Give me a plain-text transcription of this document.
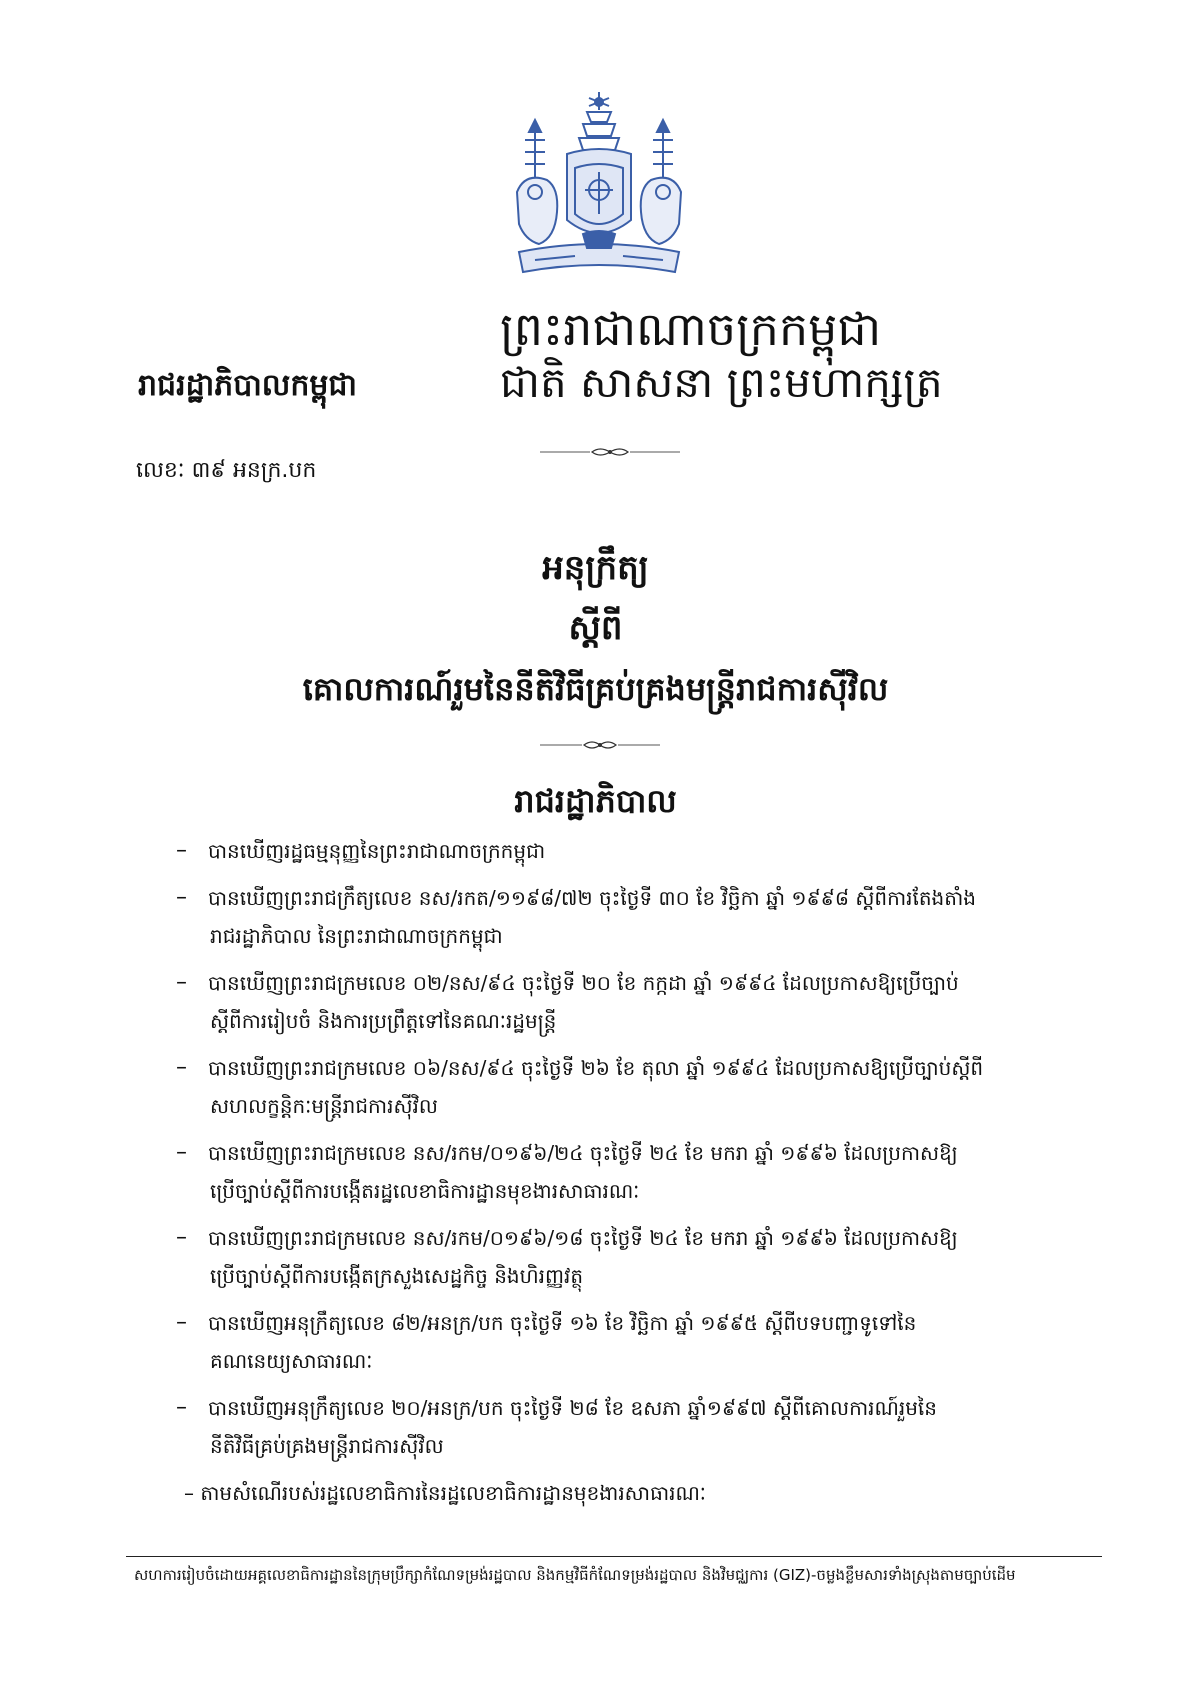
ព្រះរាជាណាចក្រកម្ពុជា
រាជរដ្ឋាភិបាលកម្ពុជា	ជាតិ សាសនា ព្រះមហាក្សត្រ
លេខៈ ៣៩ អនក្រ.បក
អនុក្រឹត្យ
ស្ដីពី
គោលការណ៍រួមនៃនីតិវិធីគ្រប់គ្រងមន្ត្រីរាជការស៊ីវិល
រាជរដ្ឋាភិបាល
– បានឃើញរដ្ឋធម្មនុញ្ញនៃព្រះរាជាណាចក្រកម្ពុជា
– បានឃើញព្រះរាជក្រឹត្យលេខ នស/រកត/១១៩៨/៧២ ចុះថ្ងៃទី ៣០ ខែ វិច្ឆិកា ឆ្នាំ ១៩៩៨ ស្ដីពីការតែងតាំង
រាជរដ្ឋាភិបាល នៃព្រះរាជាណាចក្រកម្ពុជា
– បានឃើញព្រះរាជក្រមលេខ ០២/នស/៩៤ ចុះថ្ងៃទី ២០ ខែ កក្កដា ឆ្នាំ ១៩៩៤ ដែលប្រកាសឱ្យប្រើច្បាប់
ស្ដីពីការរៀបចំ និងការប្រព្រឹត្តទៅនៃគណៈរដ្ឋមន្ត្រី
– បានឃើញព្រះរាជក្រមលេខ ០៦/នស/៩៤ ចុះថ្ងៃទី ២៦ ខែ តុលា ឆ្នាំ ១៩៩៤ ដែលប្រកាសឱ្យប្រើច្បាប់ស្ដីពី
សហលក្ខន្តិកៈមន្ត្រីរាជការស៊ីវិល
– បានឃើញព្រះរាជក្រមលេខ នស/រកម/០១៩៦/២៤ ចុះថ្ងៃទី ២៤ ខែ មករា ឆ្នាំ ១៩៩៦ ដែលប្រកាសឱ្យ
ប្រើច្បាប់ស្ដីពីការបង្កើតរដ្ឋលេខាធិការដ្ឋានមុខងារសាធារណៈ
– បានឃើញព្រះរាជក្រមលេខ នស/រកម/០១៩៦/១៨ ចុះថ្ងៃទី ២៤ ខែ មករា ឆ្នាំ ១៩៩៦ ដែលប្រកាសឱ្យ
ប្រើច្បាប់ស្ដីពីការបង្កើតក្រសួងសេដ្ឋកិច្ច និងហិរញ្ញវត្ថុ
– បានឃើញអនុក្រឹត្យលេខ ៨២/អនក្រ/បក ចុះថ្ងៃទី ១៦ ខែ វិច្ឆិកា ឆ្នាំ ១៩៩៥ ស្ដីពីបទបញ្ជាទូទៅនៃ
គណនេយ្យសាធារណៈ
– បានឃើញអនុក្រឹត្យលេខ ២០/អនក្រ/បក ចុះថ្ងៃទី ២៨ ខែ ឧសភា ឆ្នាំ១៩៩៧ ស្ដីពីគោលការណ៍រួមនៃ
នីតិវិធីគ្រប់គ្រងមន្ត្រីរាជការស៊ីវិល
– តាមសំណើរបស់រដ្ឋលេខាធិការនៃរដ្ឋលេខាធិការដ្ឋានមុខងារសាធារណៈ
សហការរៀបចំដោយអគ្គលេខាធិការដ្ឋាននៃក្រុមប្រឹក្សាកំណែទម្រង់រដ្ឋបាល និងកម្មវិធីកំណែទម្រង់រដ្ឋបាល និងវិមជ្ឈការ (GIZ)-ចម្លងខ្លឹមសារទាំងស្រុងតាមច្បាប់ដើម
